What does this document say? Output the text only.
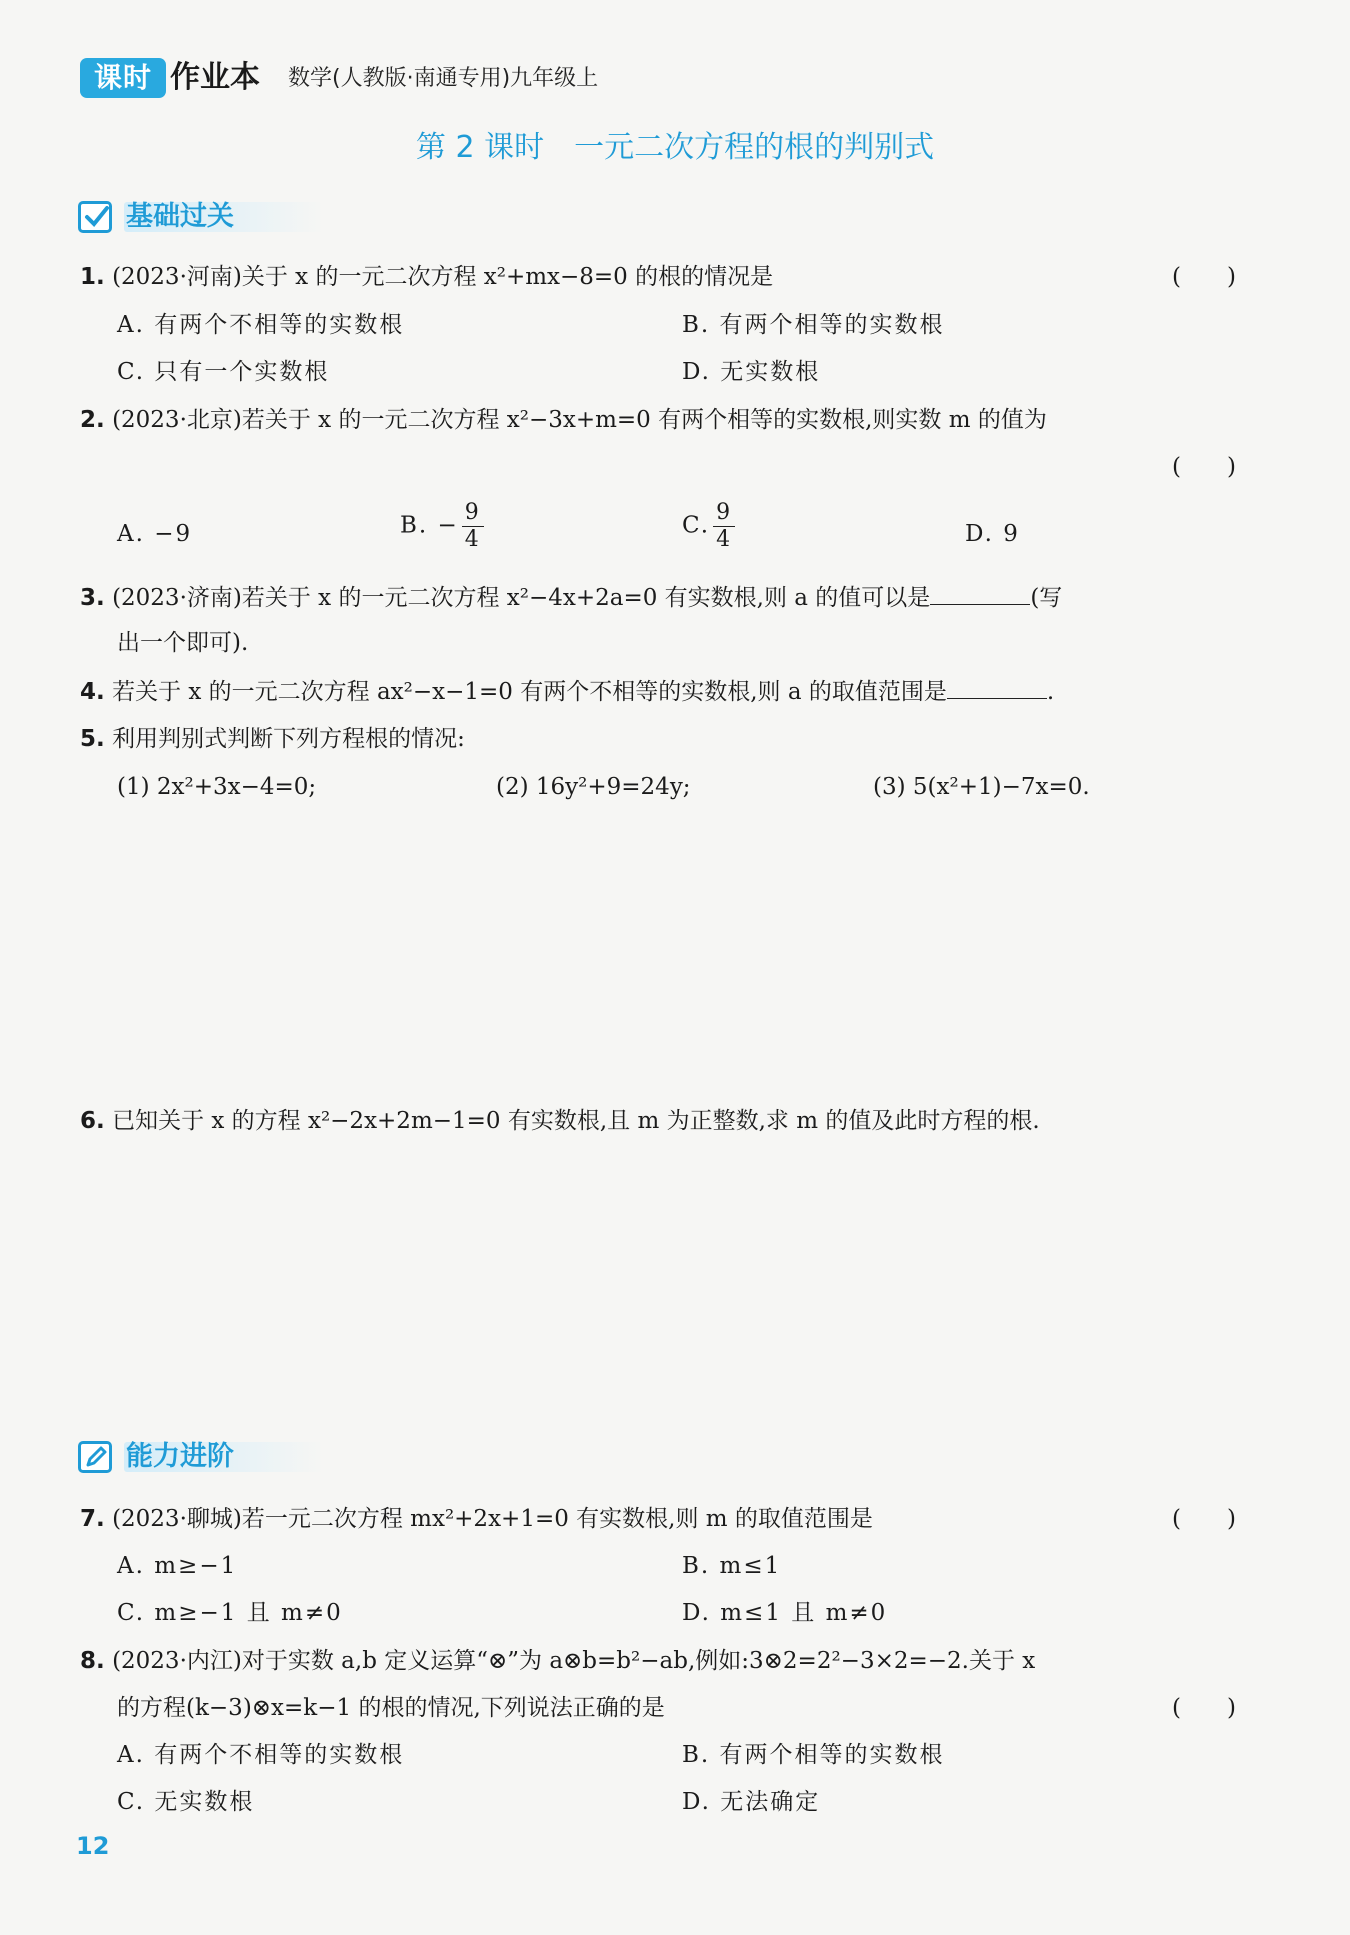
课时 作业本 数学(人教版·南通专用)九年级上
第 2 课时　一元二次方程的根的判别式
基础过关
1. (2023·河南)关于 x 的一元二次方程 x²+mx−8=0 的根的情况是	(　　)
A. 有两个不相等的实数根	B. 有两个相等的实数根
C. 只有一个实数根	D. 无实数根
2. (2023·北京)若关于 x 的一元二次方程 x²−3x+m=0 有两个相等的实数根,则实数 m 的值为
(　　)
A. −9	B. − $\frac{9}{4}$	C. $\frac{9}{4}$	D. 9
3. (2023·济南)若关于 x 的一元二次方程 x²−4x+2a=0 有实数根,则 a 的值可以是	(写
出一个即可).
4. 若关于 x 的一元二次方程 ax²−x−1=0 有两个不相等的实数根,则 a 的取值范围是	.
5. 利用判别式判断下列方程根的情况:
(1) 2x²+3x−4=0;	(2) 16y²+9=24y;	(3) 5(x²+1)−7x=0.
6. 已知关于 x 的方程 x²−2x+2m−1=0 有实数根,且 m 为正整数,求 m 的值及此时方程的根.
能力进阶
7. (2023·聊城)若一元二次方程 mx²+2x+1=0 有实数根,则 m 的取值范围是	(　　)
A. m≥−1	B. m≤1
C. m≥−1 且 m≠0	D. m≤1 且 m≠0
8. (2023·内江)对于实数 a,b 定义运算“⊗”为 a⊗b=b²−ab,例如:3⊗2=2²−3×2=−2.关于 x
的方程(k−3)⊗x=k−1 的根的情况,下列说法正确的是	(　　)
A. 有两个不相等的实数根	B. 有两个相等的实数根
C. 无实数根	D. 无法确定
12
